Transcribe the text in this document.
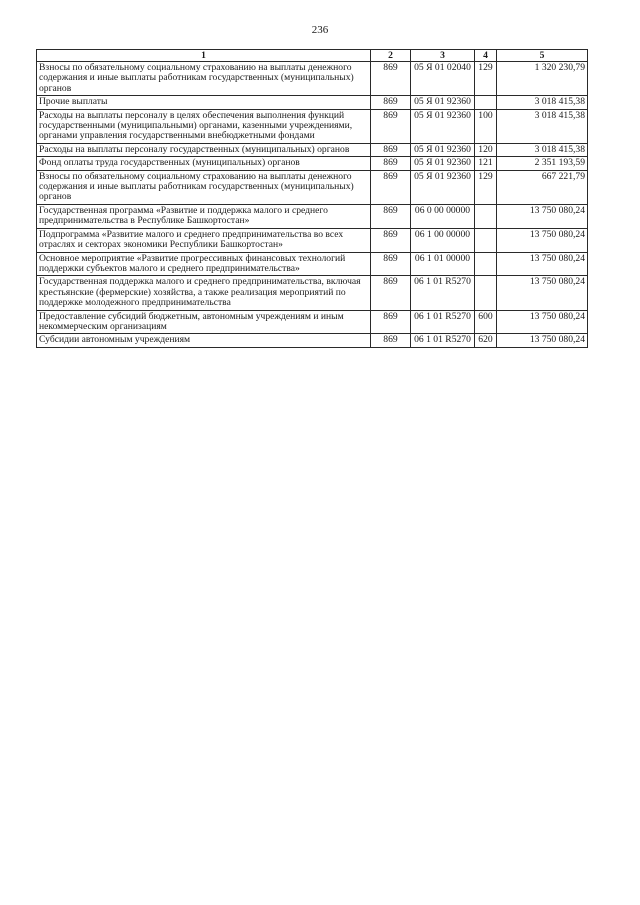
236
1	2	3	4	5
Взносы по обязательному социальному страхованию на выплаты денежного содержания и иные выплаты работникам государственных (муниципальных) органов	869	05 Я 01 02040	129	1 320 230,79
Прочие выплаты	869	05 Я 01 92360		3 018 415,38
Расходы на выплаты персоналу в целях обеспечения выполнения функций государственными (муниципальными) органами, казенными учреждениями, органами управления государственными внебюджетными фондами	869	05 Я 01 92360	100	3 018 415,38
Расходы на выплаты персоналу государственных (муниципальных) органов	869	05 Я 01 92360	120	3 018 415,38
Фонд оплаты труда государственных (муниципальных) органов	869	05 Я 01 92360	121	2 351 193,59
Взносы по обязательному социальному страхованию на выплаты денежного содержания и иные выплаты работникам государственных (муниципальных) органов	869	05 Я 01 92360	129	667 221,79
Государственная программа «Развитие и поддержка малого и среднего предпринимательства в Республике Башкортостан»	869	06 0 00 00000		13 750 080,24
Подпрограмма «Развитие малого и среднего предпринимательства во всех отраслях и секторах экономики Республики Башкортостан»	869	06 1 00 00000		13 750 080,24
Основное мероприятие «Развитие прогрессивных финансовых технологий поддержки субъектов малого и среднего предпринимательства»	869	06 1 01 00000		13 750 080,24
Государственная поддержка малого и среднего предпринимательства, включая крестьянские (фермерские) хозяйства, а также реализация мероприятий по поддержке молодежного предпринимательства	869	06 1 01 R5270		13 750 080,24
Предоставление субсидий бюджетным, автономным учреждениям и иным некоммерческим организациям	869	06 1 01 R5270	600	13 750 080,24
Субсидии автономным учреждениям	869	06 1 01 R5270	620	13 750 080,24
